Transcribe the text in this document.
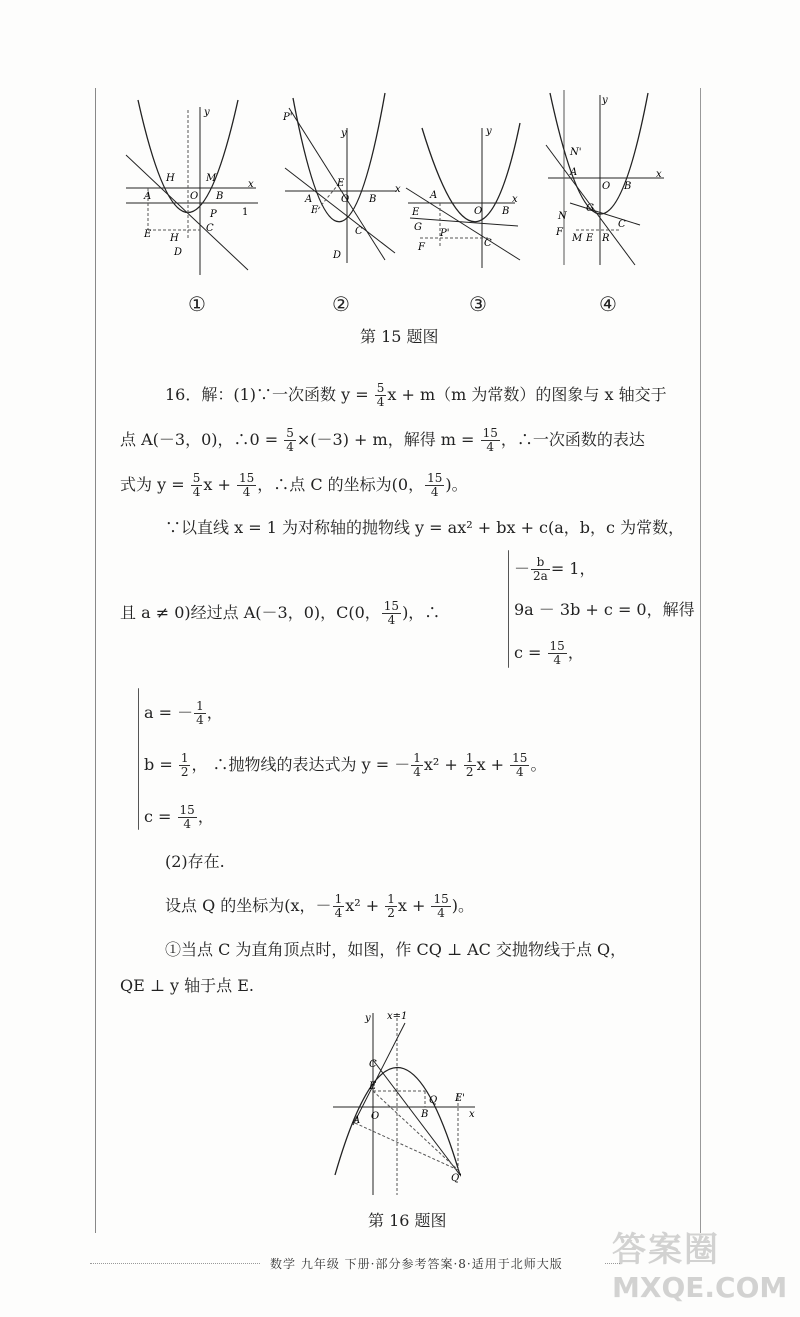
y
x
H	M
A	O B
P
C
E H
D
1
P'
y
x
E
A	O B
F
C
D
y
x
A
O B
E
G
P'
C
F
y
N'
x
A
O B
N
G
C
F
M E R
①	②	③	④
第 15 题图
16．解：(1)∵一次函数 $y = \frac{5}{4}$ x + m（m 为常数）的图象与 x 轴交于
点 A(－3，0)，∴0 = $\frac{5}{4} \times(-3) + m$，解得 $m = \frac{15}{4}$ ，∴一次函数的表达
式为 $y = \frac{5}{4}$ $x + \frac{15}{4}$ ，∴点 C 的坐标为(0， $\frac{15}{4}$ )。
∵以直线 x = 1 为对称轴的抛物线 y = ax² + bx + c(a，b，c 为常数，
且 a ≠ 0)经过点 A(－3，0)，C(0， $\frac{15}{4}$ )，∴
－ $\frac{b}{2a} = 1$，
9a － 3b + c = 0，解得
$c = \frac{15}{4}$ ，
a = － $\frac{1}{4}$ ，
$b = \frac{1}{2}$ ， ∴抛物线的表达式为 y = － $\frac{1}{4} x^2 + \frac{1}{2}$ $x + \frac{15}{4}$ 。
$c = \frac{15}{4}$ ，
(2)存在.
设点 Q 的坐标为(x，－ $\frac{1}{4} x^2 + \frac{1}{2}$ $x + \frac{15}{4}$ )。
①当点 C 为直角顶点时，如图，作 CQ ⊥ AC 交抛物线于点 Q，
QE ⊥ y 轴于点 E.
y x=1
C
E
Q E'
A O	B	x
Q'
第 16 题图
数学 九年级 下册·部分参考答案·8·适用于北师大版 答案圈
MXQE.COM
